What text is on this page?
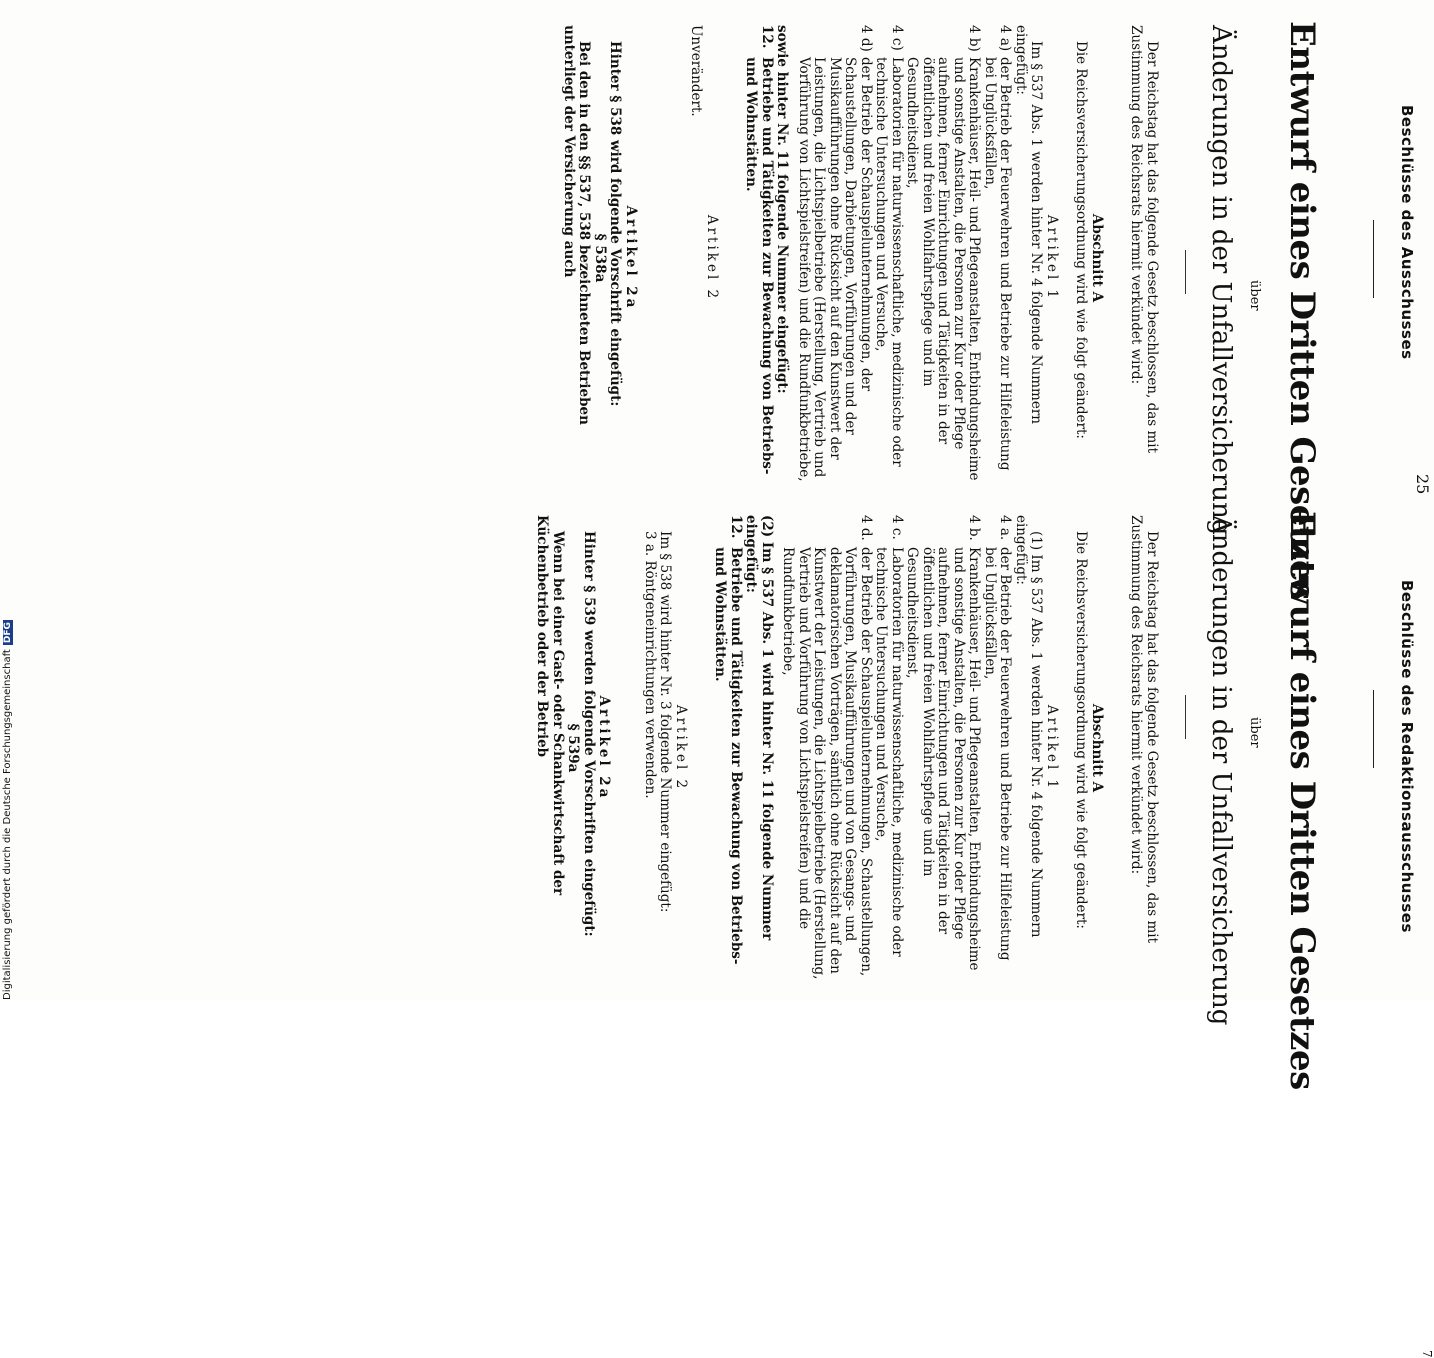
25
Beschlüsse des Ausschusses
Entwurf eines Dritten Gesetzes
über
Änderungen in der Unfallversicherung
Der Reichstag hat das folgende Gesetz beschlossen, das mit Zustimmung des Reichsrats hiermit verkündet wird:
Abschnitt A
Die Reichsversicherungsordnung wird wie folgt geändert:
Artikel 1
Im § 537 Abs. 1 werden hinter Nr. 4 folgende Nummern eingefügt:
4 a)
der Betrieb der Feuerwehren und Betriebe zur Hilfeleistung bei Unglücksfällen,
4 b)
Krankenhäuser, Heil- und Pflegeanstalten, Entbindungsheime und sonstige Anstalten, die Personen zur Kur oder Pflege aufnehmen, ferner Einrichtungen und Tätigkeiten in der öffentlichen und freien Wohlfahrtspflege und im Gesundheitsdienst,
4 c)
Laboratorien für naturwissenschaftliche, medizinische oder technische Untersuchungen und Versuche,
4 d)
der Betrieb der Schauspielunternehmungen, der Schaustellungen, Darbietungen, Vorführungen und der Musikaufführungen ohne Rücksicht auf den Kunstwert der Leistungen, die Lichtspielbetriebe (Herstellung, Vertrieb und Vorführung von Lichtspielstreifen) und die Rundfunkbetriebe,
sowie hinter Nr. 11 folgende Nummer eingefügt:
12.
Betriebe und Tätigkeiten zur Bewachung von Betriebs- und Wohnstätten.
Artikel 2
Unverändert.
Artikel 2a
Hinter § 538 wird folgende Vorschrift eingefügt:
§ 538a
Bei den in den §§ 537, 538 bezeichneten Betrieben unterliegt der Versicherung auch
Beschlüsse des Redaktionsausschusses
Entwurf eines Dritten Gesetzes
über
Änderungen in der Unfallversicherung
Der Reichstag hat das folgende Gesetz beschlossen, das mit Zustimmung des Reichsrats hiermit verkündet wird:
Abschnitt A
Die Reichsversicherungsordnung wird wie folgt geändert:
Artikel 1
(1) Im § 537 Abs. 1 werden hinter Nr. 4 folgende Nummern eingefügt:
4 a.
der Betrieb der Feuerwehren und Betriebe zur Hilfeleistung bei Unglücksfällen,
4 b.
Krankenhäuser, Heil- und Pflegeanstalten, Entbindungsheime und sonstige Anstalten, die Personen zur Kur oder Pflege aufnehmen, ferner Einrichtungen und Tätigkeiten in der öffentlichen und freien Wohlfahrtspflege und im Gesundheitsdienst,
4 c.
Laboratorien für naturwissenschaftliche, medizinische oder technische Untersuchungen und Versuche,
4 d.
der Betrieb der Schauspielunternehmungen, Schaustellungen, Vorführungen, Musikaufführungen und von Gesangs- und deklamatorischen Vorträgen, sämtlich ohne Rücksicht auf den Kunstwert der Leistungen, die Lichtspielbetriebe (Herstellung, Vertrieb und Vorführung von Lichtspielstreifen) und die Rundfunkbetriebe,
(2) Im § 537 Abs. 1 wird hinter Nr. 11 folgende Nummer eingefügt:
12.
Betriebe und Tätigkeiten zur Bewachung von Betriebs- und Wohnstätten.
Artikel 2
Im § 538 wird hinter Nr. 3 folgende Nummer eingefügt:
3 a. Röntgeneinrichtungen verwenden.
Artikel 2a
Hinter § 539 werden folgende Vorschriften eingefügt:
§ 539a
Wenn bei einer Gast- oder Schankwirtschaft der Küchenbetrieb oder der Betrieb
7
Digitalisierung gefördert durch die Deutsche ForschungsgemeinschaftDFG
